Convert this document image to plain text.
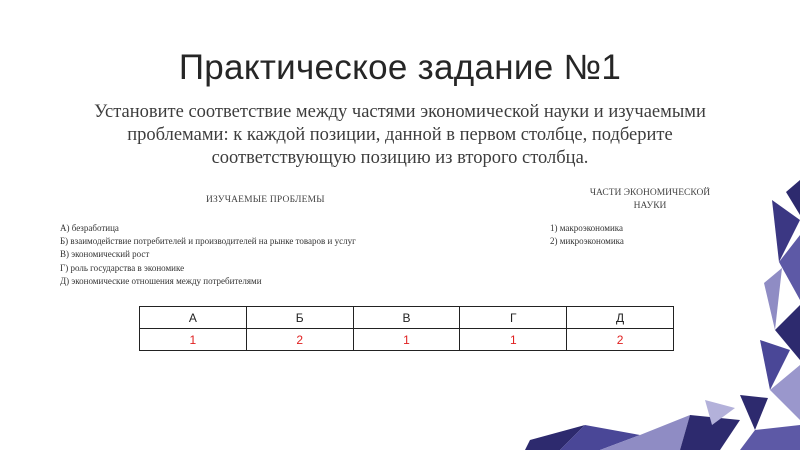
Практическое задание №1
Установите соответствие между частями экономической науки и изучаемыми проблемами: к каждой позиции, данной в первом столбце, подберите соответствующую позицию из второго столбца.
ИЗУЧАЕМЫЕ ПРОБЛЕМЫ
ЧАСТИ ЭКОНОМИЧЕСКОЙ
НАУКИ
А) безработица
Б) взаимодействие потребителей и производителей на рынке товаров и услуг
В) экономический рост
Г) роль государства в экономике
Д) экономические отношения между потребителями
1) макроэкономика
2) микроэкономика
А	Б	В	Г	Д
1	2	1	1	2
